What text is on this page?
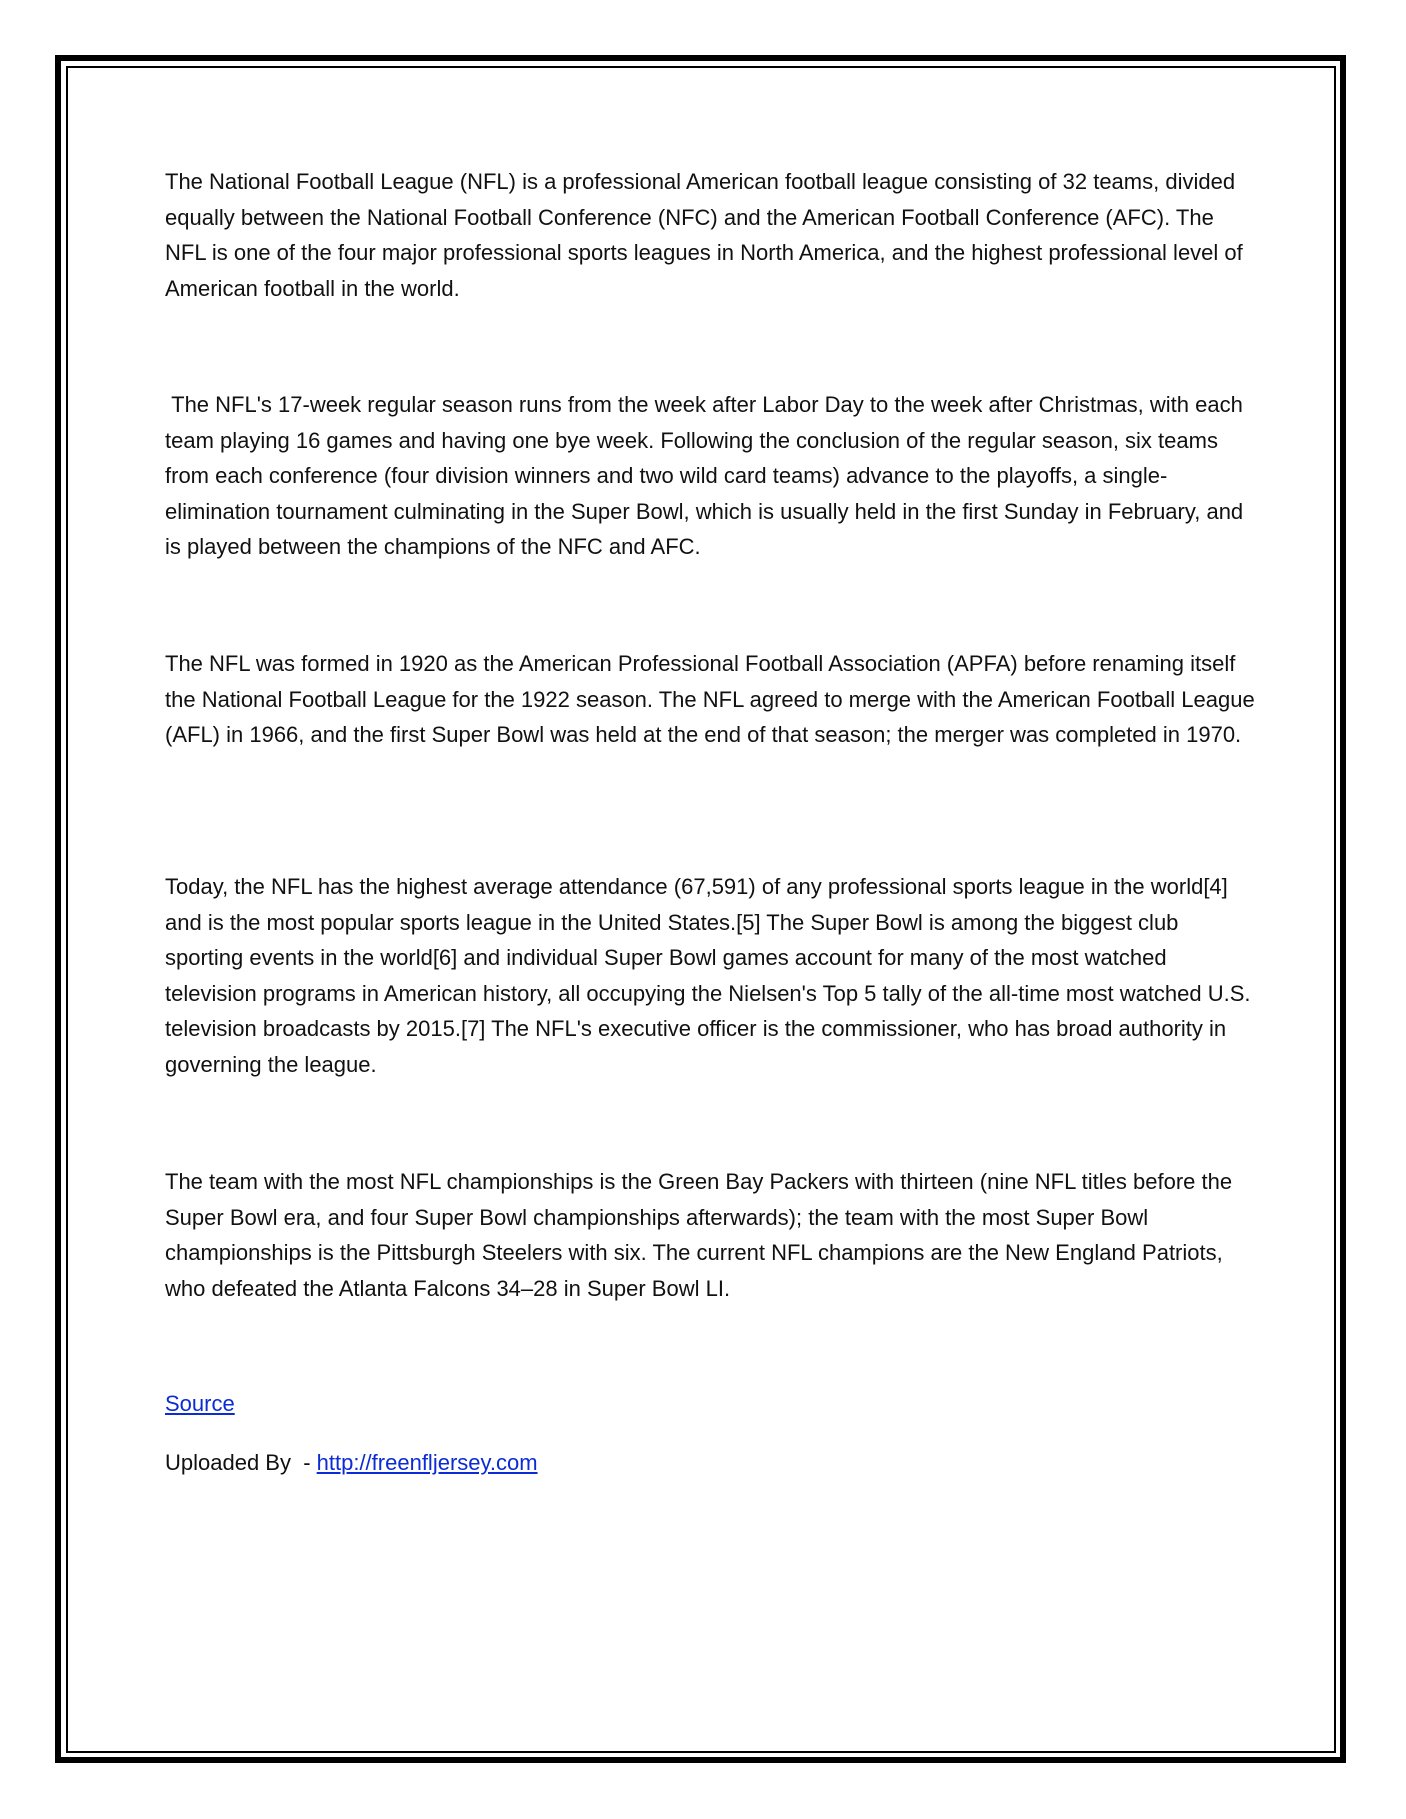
The National Football League (NFL) is a professional American football league consisting of 32 teams, divided equally between the National Football Conference (NFC) and the American Football Conference (AFC). The NFL is one of the four major professional sports leagues in North America, and the highest professional level of American football in the world.

The NFL's 17-week regular season runs from the week after Labor Day to the week after Christmas, with each team playing 16 games and having one bye week. Following the conclusion of the regular season, six teams from each conference (four division winners and two wild card teams) advance to the playoffs, a single-elimination tournament culminating in the Super Bowl, which is usually held in the first Sunday in February, and is played between the champions of the NFC and AFC.

The NFL was formed in 1920 as the American Professional Football Association (APFA) before renaming itself the National Football League for the 1922 season. The NFL agreed to merge with the American Football League (AFL) in 1966, and the first Super Bowl was held at the end of that season; the merger was completed in 1970.

Today, the NFL has the highest average attendance (67,591) of any professional sports league in the world[4] and is the most popular sports league in the United States.[5] The Super Bowl is among the biggest club sporting events in the world[6] and individual Super Bowl games account for many of the most watched television programs in American history, all occupying the Nielsen's Top 5 tally of the all-time most watched U.S. television broadcasts by 2015.[7] The NFL's executive officer is the commissioner, who has broad authority in governing the league.

The team with the most NFL championships is the Green Bay Packers with thirteen (nine NFL titles before the Super Bowl era, and four Super Bowl championships afterwards); the team with the most Super Bowl championships is the Pittsburgh Steelers with six. The current NFL champions are the New England Patriots, who defeated the Atlanta Falcons 34–28 in Super Bowl LI.

Source
Uploaded By  - http://freenfljersey.com
